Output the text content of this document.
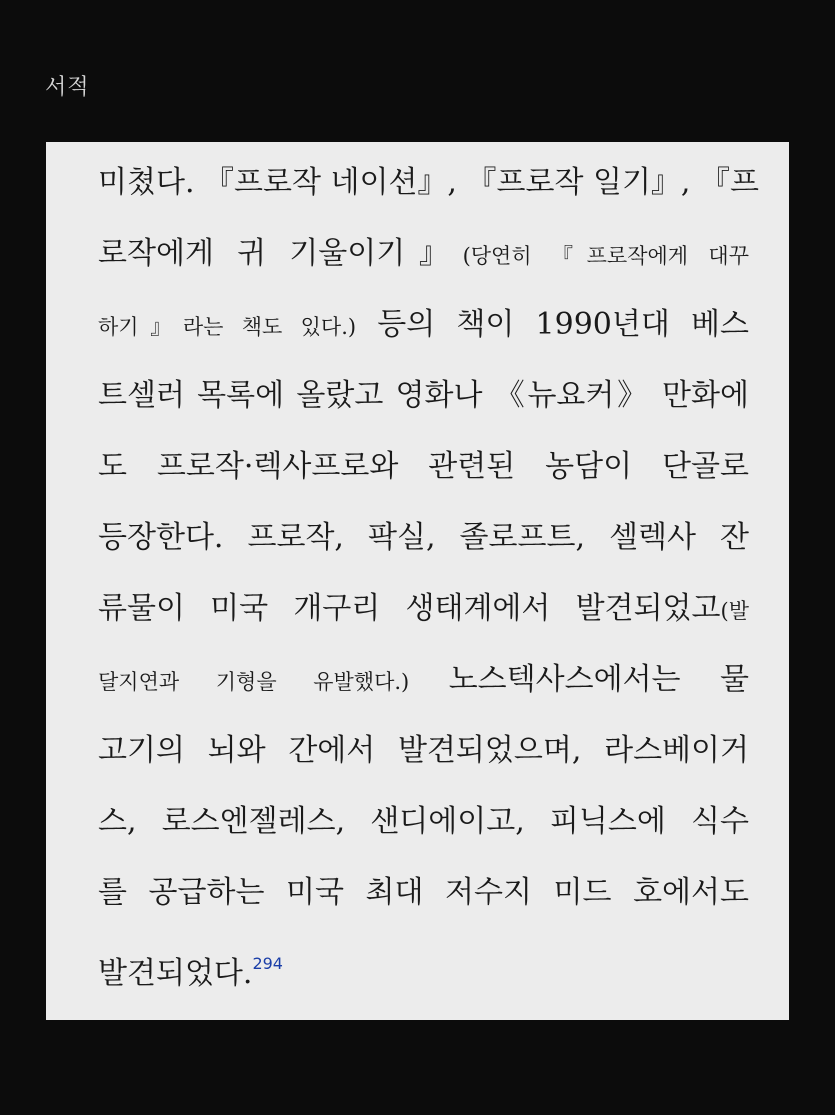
서적
미쳤다. 『프로작 네이션』, 『프로작 일기』, 『프
로작에게 귀 기울이기』(당연히 『프로작에게 대꾸
하기』라는 책도 있다.) 등의 책이 1990년대 베스
트셀러 목록에 올랐고 영화나 《뉴요커》 만화에
도 프로작·렉사프로와 관련된 농담이 단골로
등장한다. 프로작, 팍실, 졸로프트, 셀렉사 잔
류물이 미국 개구리 생태계에서 발견되었고(발
달지연과 기형을 유발했다.) 노스텍사스에서는 물
고기의 뇌와 간에서 발견되었으며, 라스베이거
스, 로스엔젤레스, 샌디에이고, 피닉스에 식수
를 공급하는 미국 최대 저수지 미드 호에서도
발견되었다.$^{294}$
